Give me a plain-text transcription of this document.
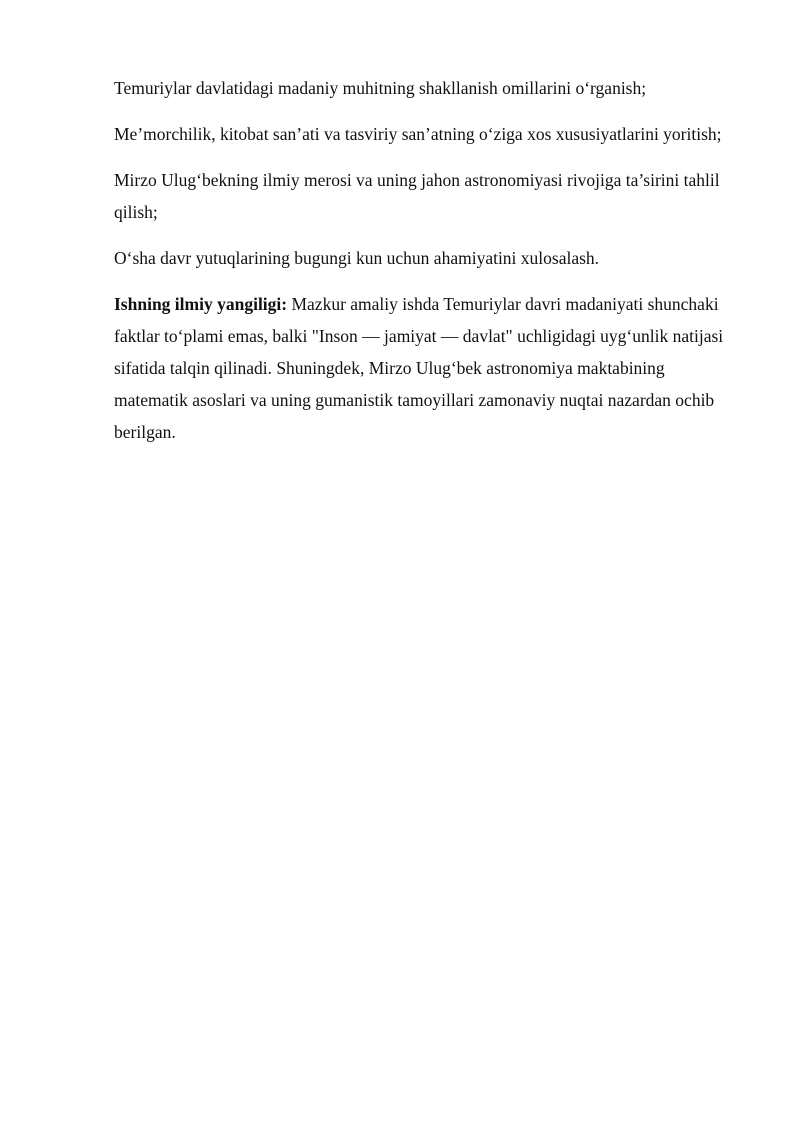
Temuriylar davlatidagi madaniy muhitning shakllanish omillarini o‘rganish;

Me’morchilik, kitobat san’ati va tasviriy san’atning o‘ziga xos xususiyatlarini yoritish;

Mirzo Ulug‘bekning ilmiy merosi va uning jahon astronomiyasi rivojiga ta’sirini tahlil qilish;

O‘sha davr yutuqlarining bugungi kun uchun ahamiyatini xulosalash.

Ishning ilmiy yangiligi: Mazkur amaliy ishda Temuriylar davri madaniyati shunchaki faktlar to‘plami emas, balki "Inson — jamiyat — davlat" uchligidagi uyg‘unlik natijasi sifatida talqin qilinadi. Shuningdek, Mirzo Ulug‘bek astronomiya maktabining matematik asoslari va uning gumanistik tamoyillari zamonaviy nuqtai nazardan ochib berilgan.
